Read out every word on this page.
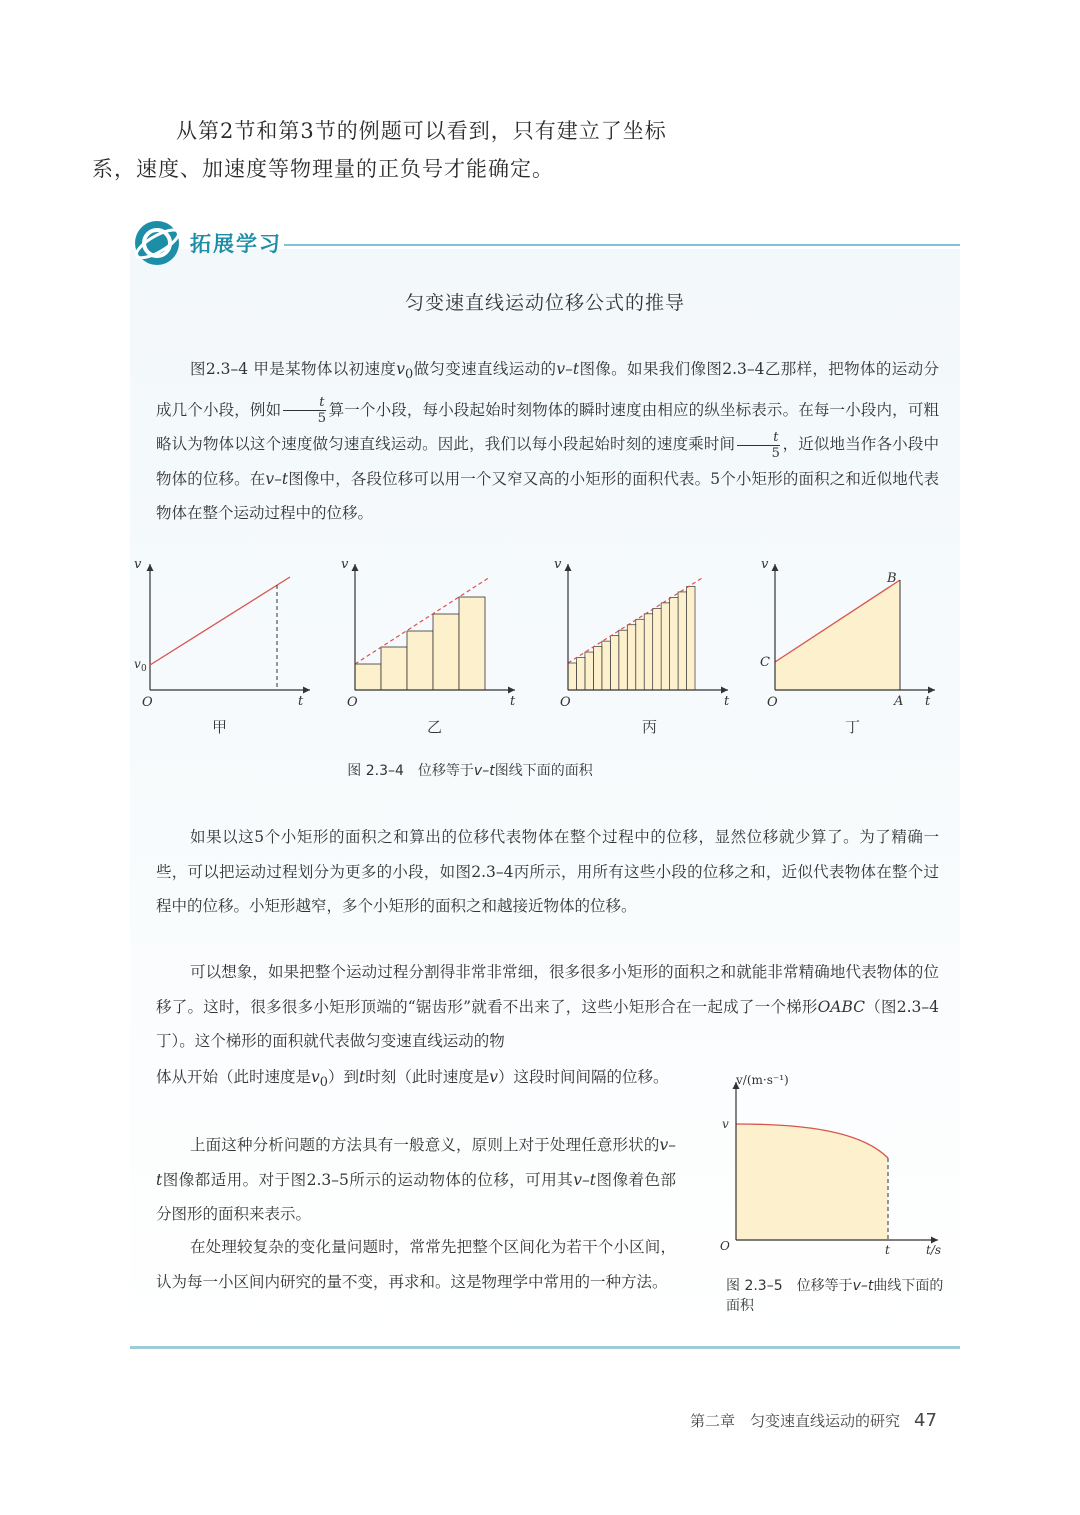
从第2节和第3节的例题可以看到，只有建立了坐标
系，速度、加速度等物理量的正负号才能确定。

拓展学习
匀变速直线运动位移公式的推导

图2.3–4 甲是某物体以初速度$v_0$做匀变速直线运动的v–t图像。如果我们像图2.3–4乙那样，把物体的运动分成几个小段，例如 $\frac{t}{5}$ 算一个小段，每小段起始时刻物体的瞬时速度由相应的纵坐标表示。在每一小段内，可粗略认为物体以这个速度做匀速直线运动。因此，我们以每小段起始时刻的速度乘时间 $\frac{t}{5}$ ，近似地当作各小段中物体的位移。在v–t图像中，各段位移可以用一个又窄又高的小矩形的面积代表。5个小矩形的面积之和近似地代表物体在整个运动过程中的位移。

v
t
O
v 0
v
t
O
v
t
O
v
t
O
B
C
A
甲	乙	丙	丁
图 2.3–4　位移等于v–t图线下面的面积

如果以这5个小矩形的面积之和算出的位移代表物体在整个过程中的位移，显然位移就少算了。为了精确一些，可以把运动过程划分为更多的小段，如图2.3–4丙所示，用所有这些小段的位移之和，近似代表物体在整个过程中的位移。小矩形越窄，多个小矩形的面积之和越接近物体的位移。

可以想象，如果把整个运动过程分割得非常非常细，很多很多小矩形的面积之和就能非常精确地代表物体的位移了。这时，很多很多小矩形顶端的“锯齿形”就看不出来了，这些小矩形合在一起成了一个梯形OABC（图2.3–4丁）。这个梯形的面积就代表做匀变速直线运动的物

体从开始（此时速度是$v_0$）到t时刻（此时速度是v）这段时间间隔的位移。

上面这种分析问题的方法具有一般意义，原则上对于处理任意形状的v–t图像都适用。对于图2.3–5所示的运动物体的位移，可用其v–t图像着色部分图形的面积来表示。

在处理较复杂的变化量问题时，常常先把整个区间化为若干个小区间，认为每一小区间内研究的量不变，再求和。这是物理学中常用的一种方法。

v/(m·s⁻¹)
t/s
O
v
t
图 2.3–5　位移等于v–t曲线下面的面积
第二章　匀变速直线运动的研究 47
